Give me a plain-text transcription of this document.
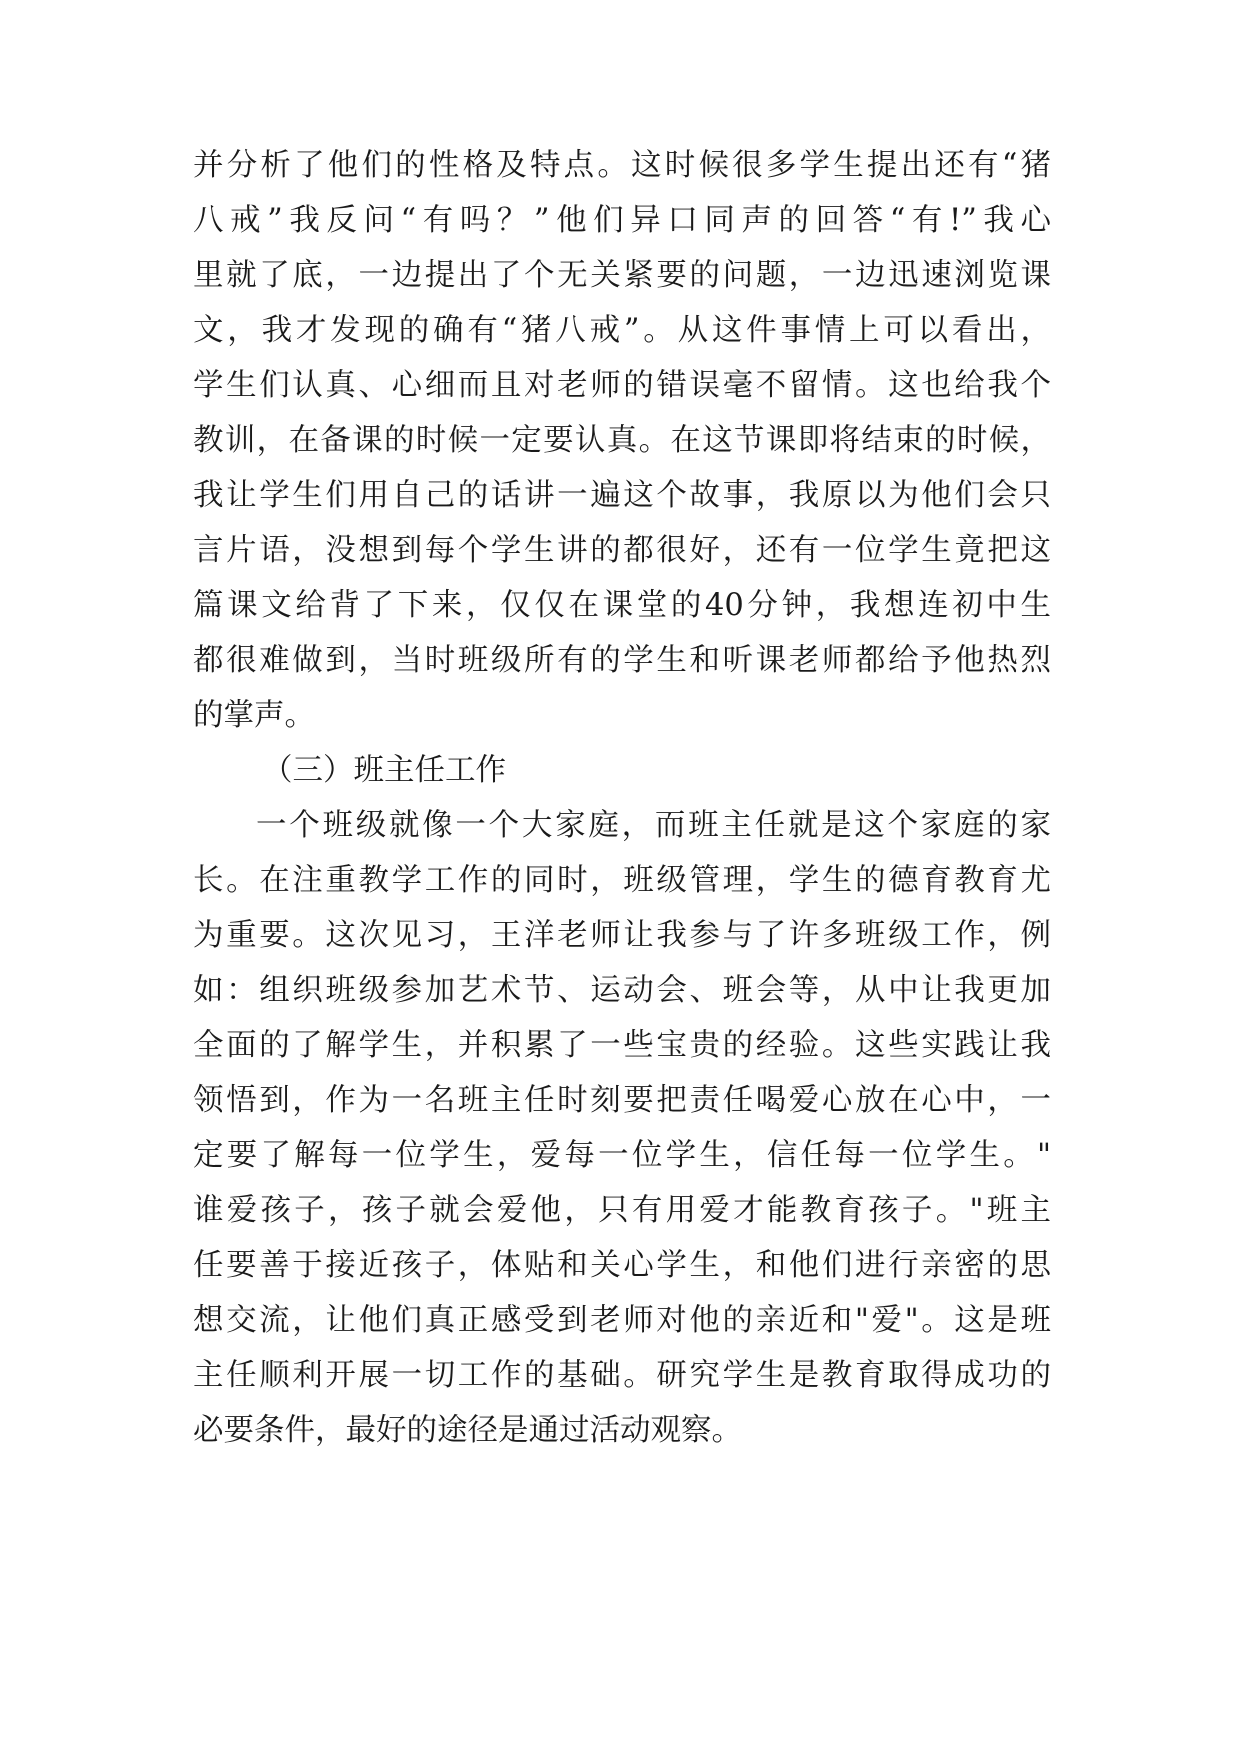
并分析了他们的性格及特点。这时候很多学生提出还有“猪
八戒”我反问“有吗？”他们异口同声的回答“有!”我心
里就了底，一边提出了个无关紧要的问题，一边迅速浏览课
文，我才发现的确有“猪八戒”。从这件事情上可以看出，
学生们认真、心细而且对老师的错误毫不留情。这也给我个
教训，在备课的时候一定要认真。在这节课即将结束的时候，
我让学生们用自己的话讲一遍这个故事，我原以为他们会只
言片语，没想到每个学生讲的都很好，还有一位学生竟把这
篇课文给背了下来，仅仅在课堂的40分钟，我想连初中生
都很难做到，当时班级所有的学生和听课老师都给予他热烈
的掌声。
（三）班主任工作
一个班级就像一个大家庭，而班主任就是这个家庭的家
长。在注重教学工作的同时，班级管理，学生的德育教育尤
为重要。这次见习，王洋老师让我参与了许多班级工作，例
如：组织班级参加艺术节、运动会、班会等，从中让我更加
全面的了解学生，并积累了一些宝贵的经验。这些实践让我
领悟到，作为一名班主任时刻要把责任喝爱心放在心中，一
定要了解每一位学生，爱每一位学生，信任每一位学生。"
谁爱孩子，孩子就会爱他，只有用爱才能教育孩子。"班主
任要善于接近孩子，体贴和关心学生，和他们进行亲密的思
想交流，让他们真正感受到老师对他的亲近和"爱"。这是班
主任顺利开展一切工作的基础。研究学生是教育取得成功的
必要条件，最好的途径是通过活动观察。
